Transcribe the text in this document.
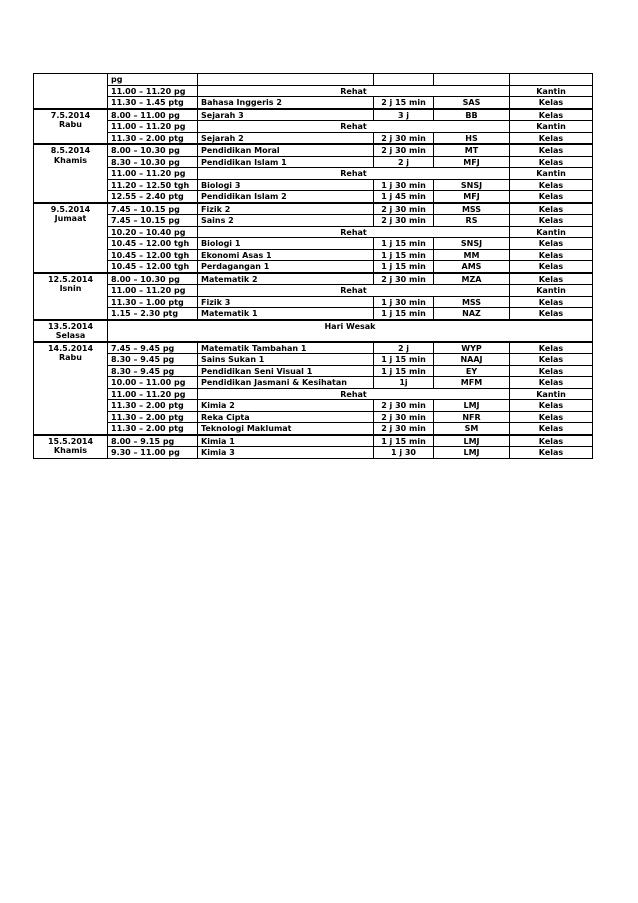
	pg				
	11.00 – 11.20 pg	Rehat			Kantin
	11.30 – 1.45 ptg	Bahasa Inggeris 2	2 j 15 min	SAS	Kelas

7.5.2014
Rabu	8.00 – 11.00 pg	Sejarah 3	3 j	BB	Kelas
	11.00 – 11.20 pg	Rehat			Kantin
	11.30 – 2.00 ptg	Sejarah 2	2 j 30 min	HS	Kelas

8.5.2014
Khamis	8.00 – 10.30 pg	Pendidikan Moral	2 j 30 min	MT	Kelas
	8.30 – 10.30 pg	Pendidikan Islam 1	2 j	MFJ	Kelas
	11.00 – 11.20 pg	Rehat			Kantin
	11.20 – 12.50 tgh	Biologi 3	1 j 30 min	SNSJ	Kelas
	12.55 – 2.40 ptg	Pendidikan Islam 2	1 j 45 min	MFJ	Kelas

9.5.2014
Jumaat	7.45 – 10.15 pg	Fizik 2	2 j 30 min	MSS	Kelas
	7.45 – 10.15 pg	Sains 2	2 j 30 min	RS	Kelas
	10.20 – 10.40 pg	Rehat			Kantin
	10.45 – 12.00 tgh	Biologi 1	1 j 15 min	SNSJ	Kelas
	10.45 – 12.00 tgh	Ekonomi Asas 1	1 j 15 min	MM	Kelas
	10.45 – 12.00 tgh	Perdagangan 1	1 j 15 min	AMS	Kelas

12.5.2014
Isnin	8.00 – 10.30 pg	Matematik 2	2 j 30 min	MZA	Kelas
	11.00 – 11.20 pg	Rehat			Kantin
	11.30 – 1.00 ptg	Fizik 3	1 j 30 min	MSS	Kelas
	1.15 – 2.30 ptg	Matematik 1	1 j 15 min	NAZ	Kelas

13.5.2014
Selasa	Hari Wesak				

14.5.2014
Rabu	7.45 – 9.45 pg	Matematik Tambahan 1	2 j	WYP	Kelas
	8.30 – 9.45 pg	Sains Sukan 1	1 j 15 min	NAAJ	Kelas
	8.30 – 9.45 pg	Pendidikan Seni Visual 1	1 j 15 min	EY	Kelas
	10.00 – 11.00 pg	Pendidikan Jasmani & Kesihatan	1j	MFM	Kelas
	11.00 – 11.20 pg	Rehat			Kantin
	11.30 – 2.00 ptg	Kimia 2	2 j 30 min	LMJ	Kelas
	11.30 – 2.00 ptg	Reka Cipta	2 j 30 min	NFR	Kelas
	11.30 – 2.00 ptg	Teknologi Maklumat	2 j 30 min	SM	Kelas

15.5.2014
Khamis	8.00 – 9.15 pg	Kimia 1	1 j 15 min	LMJ	Kelas
	9.30 – 11.00 pg	Kimia 3	1 j 30	LMJ	Kelas
